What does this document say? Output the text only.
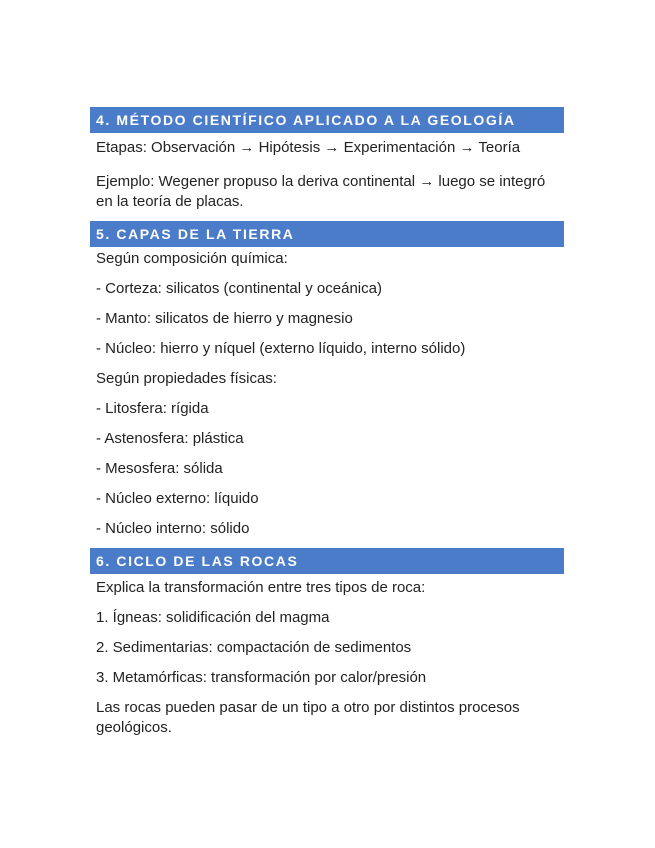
4. MÉTODO CIENTÍFICO APLICADO A LA GEOLOGÍA

Etapas: Observación → Hipótesis → Experimentación → Teoría

Ejemplo: Wegener propuso la deriva continental → luego se integró en la teoría de placas.

5. CAPAS DE LA TIERRA

Según composición química:

- Corteza: silicatos (continental y oceánica)

- Manto: silicatos de hierro y magnesio

- Núcleo: hierro y níquel (externo líquido, interno sólido)

Según propiedades físicas:

- Litosfera: rígida

- Astenosfera: plástica

- Mesosfera: sólida

- Núcleo externo: líquido

- Núcleo interno: sólido

6. CICLO DE LAS ROCAS

Explica la transformación entre tres tipos de roca:

1. Ígneas: solidificación del magma

2. Sedimentarias: compactación de sedimentos

3. Metamórficas: transformación por calor/presión

Las rocas pueden pasar de un tipo a otro por distintos procesos geológicos.
